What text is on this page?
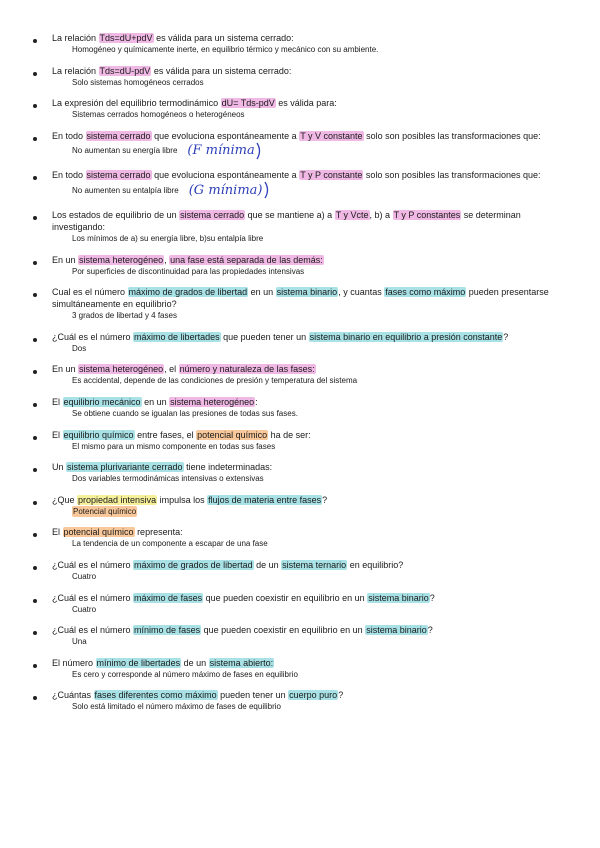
La relación Tds=dU+pdV es válida para un sistema cerrado:
Homogéneo y químicamente inerte, en equilibrio térmico y mecánico con su ambiente.
La relación Tds=dU-pdV es válida para un sistema cerrado:
Solo sistemas homogéneos cerrados
La expresión del equilibrio termodinámico dU= Tds-pdV es válida para:
Sistemas cerrados homogéneos o heterogéneos
En todo sistema cerrado que evoluciona espontáneamente a T y V constante solo son posibles las transformaciones que:
No aumentan su energía libre (F mínima
En todo sistema cerrado que evoluciona espontáneamente a T y P constante solo son posibles las transformaciones que:
No aumenten su entalpía libre (G mínima)
Los estados de equilibrio de un sistema cerrado que se mantiene a) a T y Vcte, b) a T y P constantes se determinan investigando:
Los mínimos de a) su energía libre, b)su entalpía libre
En un sistema heterogéneo, una fase está separada de las demás:
Por superficies de discontinuidad para las propiedades intensivas
Cual es el número máximo de grados de libertad en un sistema binario, y cuantas fases como máximo pueden presentarse simultáneamente en equilibrio?
3 grados de libertad y 4 fases
¿Cuál es el número máximo de libertades que pueden tener un sistema binario en equilibrio a presión constante?
Dos
En un sistema heterogéneo, el número y naturaleza de las fases:
Es accidental, depende de las condiciones de presión y temperatura del sistema
El equilibrio mecánico en un sistema heterogéneo:
Se obtiene cuando se igualan las presiones de todas sus fases.
El equilibrio químico entre fases, el potencial químico ha de ser:
El mismo para un mismo componente en todas sus fases
Un sistema plurivariante cerrado tiene indeterminadas:
Dos variables termodinámicas intensivas o extensivas
¿Que propiedad intensiva impulsa los flujos de materia entre fases?
Potencial químico
El potencial químico representa:
La tendencia de un componente a escapar de una fase
¿Cuál es el número máximo de grados de libertad de un sistema ternario en equilibrio?
Cuatro
¿Cuál es el número máximo de fases que pueden coexistir en equilibrio en un sistema binario?
Cuatro
¿Cuál es el número mínimo de fases que pueden coexistir en equilibrio en un sistema binario?
Una
El número mínimo de libertades de un sistema abierto:
Es cero y corresponde al número máximo de fases en equilibrio
¿Cuántas fases diferentes como máximo pueden tener un cuerpo puro?
Solo está limitado el número máximo de fases de equilibrio
